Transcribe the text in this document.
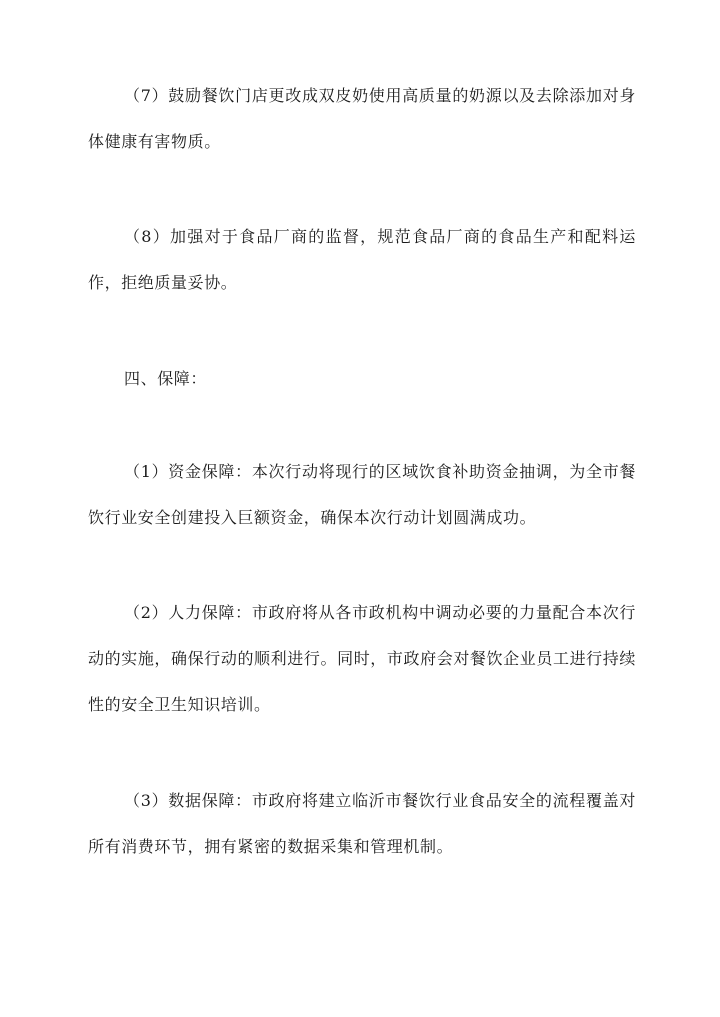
（7）鼓励餐饮门店更改成双皮奶使用高质量的奶源以及去除添加对身体健康有害物质。

（8）加强对于食品厂商的监督，规范食品厂商的食品生产和配料运作，拒绝质量妥协。

四、保障：

（1）资金保障：本次行动将现行的区域饮食补助资金抽调，为全市餐饮行业安全创建投入巨额资金，确保本次行动计划圆满成功。

（2）人力保障：市政府将从各市政机构中调动必要的力量配合本次行动的实施，确保行动的顺利进行。同时，市政府会对餐饮企业员工进行持续性的安全卫生知识培训。

（3）数据保障：市政府将建立临沂市餐饮行业食品安全的流程覆盖对所有消费环节，拥有紧密的数据采集和管理机制。
